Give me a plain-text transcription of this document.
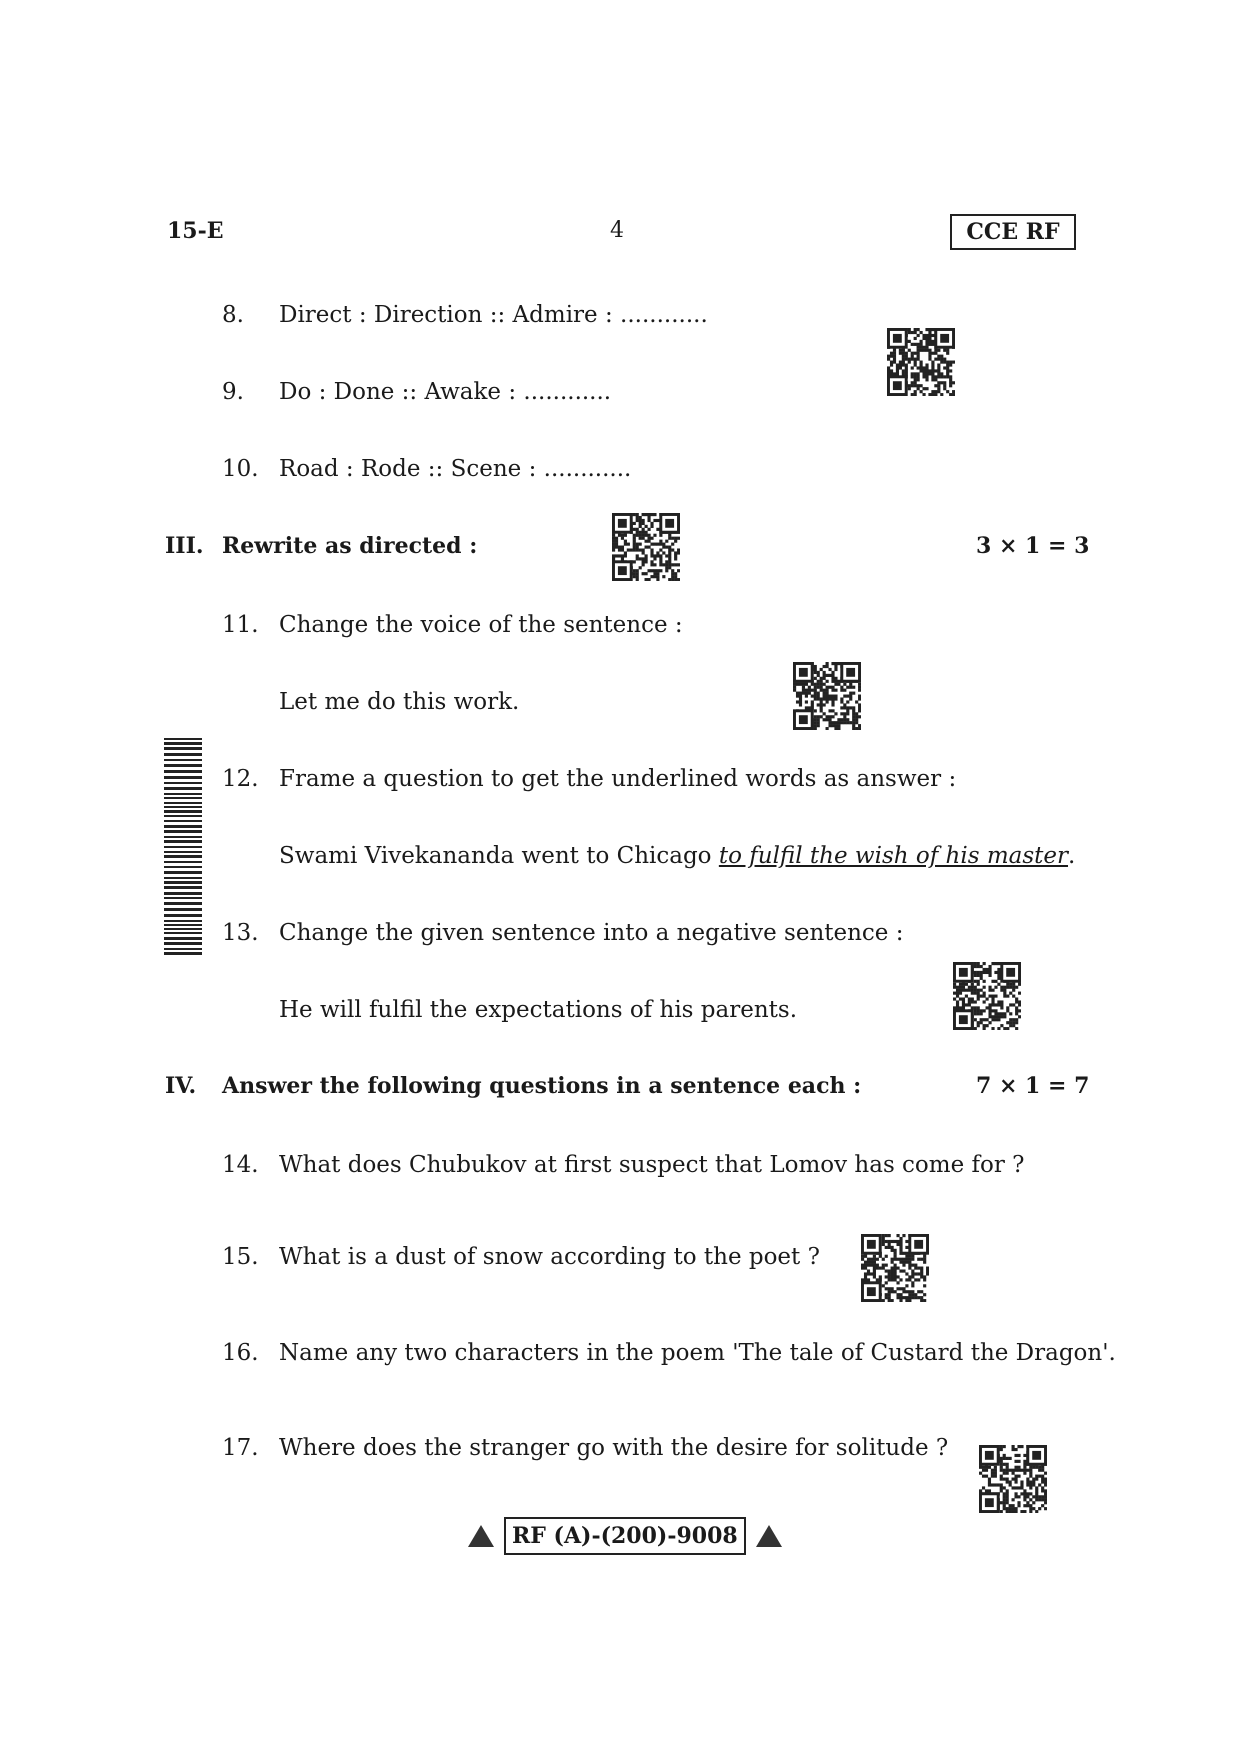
15-E	4	CCE RF
8. Direct : Direction :: Admire : ............
9. Do : Done :: Awake : ............
10. Road : Rode :: Scene : ............
III. Rewrite as directed :	3 × 1 = 3
11. Change the voice of the sentence :
Let me do this work.
12. Frame a question to get the underlined words as answer :
Swami Vivekananda went to Chicago to fulfil the wish of his master.
13. Change the given sentence into a negative sentence :
He will fulfil the expectations of his parents.
IV. Answer the following questions in a sentence each :	7 × 1 = 7
14. What does Chubukov at first suspect that Lomov has come for ?
15. What is a dust of snow according to the poet ?
16. Name any two characters in the poem 'The tale of Custard the Dragon'.
17. Where does the stranger go with the desire for solitude ?
RF (A)-(200)-9008
